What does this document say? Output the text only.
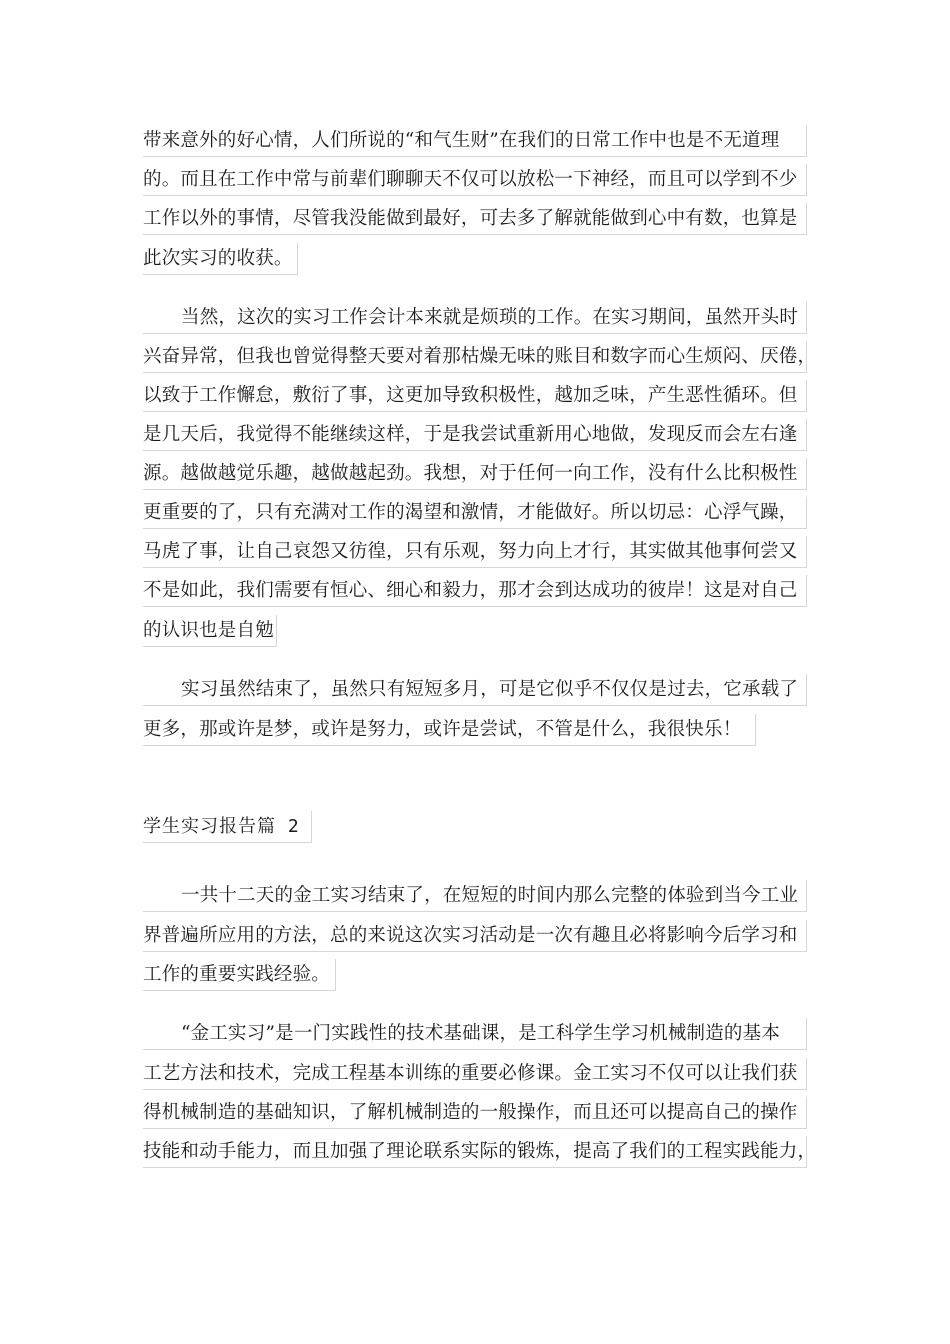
带来意外的好心情，人们所说的“和气生财”在我们的日常工作中也是不无道理
的。而且在工作中常与前辈们聊聊天不仅可以放松一下神经，而且可以学到不少
工作以外的事情，尽管我没能做到最好，可去多了解就能做到心中有数，也算是
此次实习的收获。
当然，这次的实习工作会计本来就是烦琐的工作。在实习期间，虽然开头时
兴奋异常，但我也曾觉得整天要对着那枯燥无味的账目和数字而心生烦闷、厌倦，
以致于工作懈怠，敷衍了事，这更加导致积极性，越加乏味，产生恶性循环。但
是几天后，我觉得不能继续这样，于是我尝试重新用心地做，发现反而会左右逢
源。越做越觉乐趣，越做越起劲。我想，对于任何一向工作，没有什么比积极性
更重要的了，只有充满对工作的渴望和激情，才能做好。所以切忌：心浮气躁，
马虎了事，让自己哀怨又彷徨，只有乐观，努力向上才行，其实做其他事何尝又
不是如此，我们需要有恒心、细心和毅力，那才会到达成功的彼岸！这是对自己
的认识也是自勉
实习虽然结束了，虽然只有短短多月，可是它似乎不仅仅是过去，它承载了
更多，那或许是梦，或许是努力，或许是尝试，不管是什么，我很快乐！
学生实习报告篇 2
一共十二天的金工实习结束了，在短短的时间内那么完整的体验到当今工业
界普遍所应用的方法，总的来说这次实习活动是一次有趣且必将影响今后学习和
工作的重要实践经验。
“金工实习”是一门实践性的技术基础课，是工科学生学习机械制造的基本
工艺方法和技术，完成工程基本训练的重要必修课。金工实习不仅可以让我们获
得机械制造的基础知识，了解机械制造的一般操作，而且还可以提高自己的操作
技能和动手能力，而且加强了理论联系实际的锻炼，提高了我们的工程实践能力，
